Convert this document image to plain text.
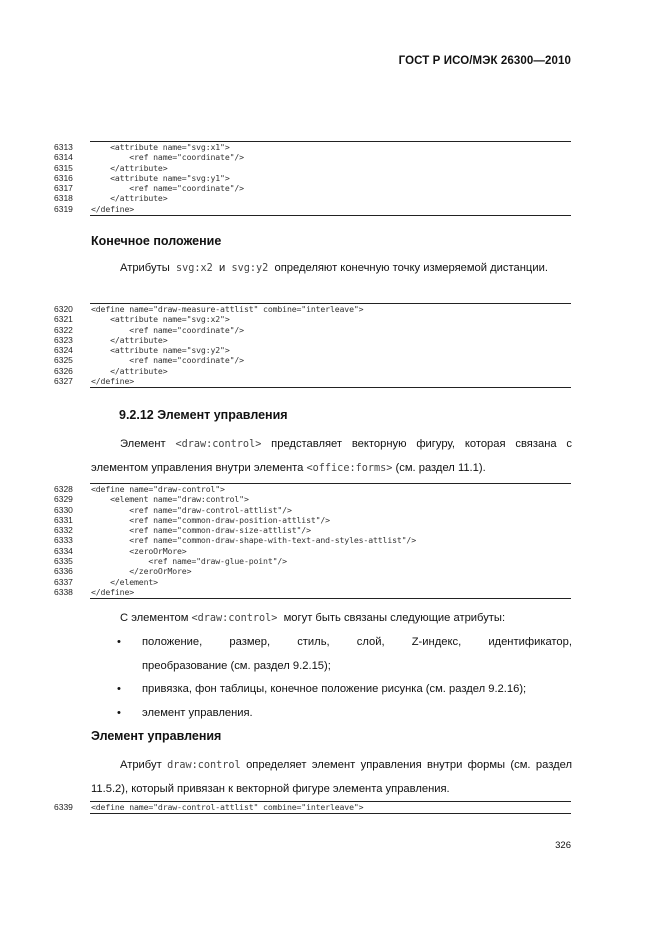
ГОСТ Р ИСО/МЭК 26300—2010
6313 <attribute name="svg:x1">
6314 <ref name="coordinate"/>
6315 </attribute>
6316 <attribute name="svg:y1">
6317 <ref name="coordinate"/>
6318 </attribute>
6319 </define>
Конечное положение
Атрибуты svg:x2 и svg:y2 определяют конечную точку измеряемой дистанции.
6320 <define name="draw-measure-attlist" combine="interleave">
6321 <attribute name="svg:x2">
6322 <ref name="coordinate"/>
6323 </attribute>
6324 <attribute name="svg:y2">
6325 <ref name="coordinate"/>
6326 </attribute>
6327 </define>
9.2.12 Элемент управления
Элемент <draw:control> представляет векторную фигуру, которая связана с элементом управления внутри элемента <office:forms> (см. раздел 11.1).
6328 <define name="draw-control">
6329 <element name="draw:control">
6330 <ref name="draw-control-attlist"/>
6331 <ref name="common-draw-position-attlist"/>
6332 <ref name="common-draw-size-attlist"/>
6333 <ref name="common-draw-shape-with-text-and-styles-attlist"/>
6334 <zeroOrMore>
6335 <ref name="draw-glue-point"/>
6336 </zeroOrMore>
6337 </element>
6338 </define>
С элементом <draw:control> могут быть связаны следующие атрибуты:
• положение, размер, стиль, слой, Z-индекс, идентификатор,
преобразование (см. раздел 9.2.15);
• привязка, фон таблицы, конечное положение рисунка (см. раздел 9.2.16);
• элемент управления.
Элемент управления
Атрибут draw:control определяет элемент управления внутри формы (см. раздел 11.5.2), который привязан к векторной фигуре элемента управления.
6339 <define name="draw-control-attlist" combine="interleave">
326
